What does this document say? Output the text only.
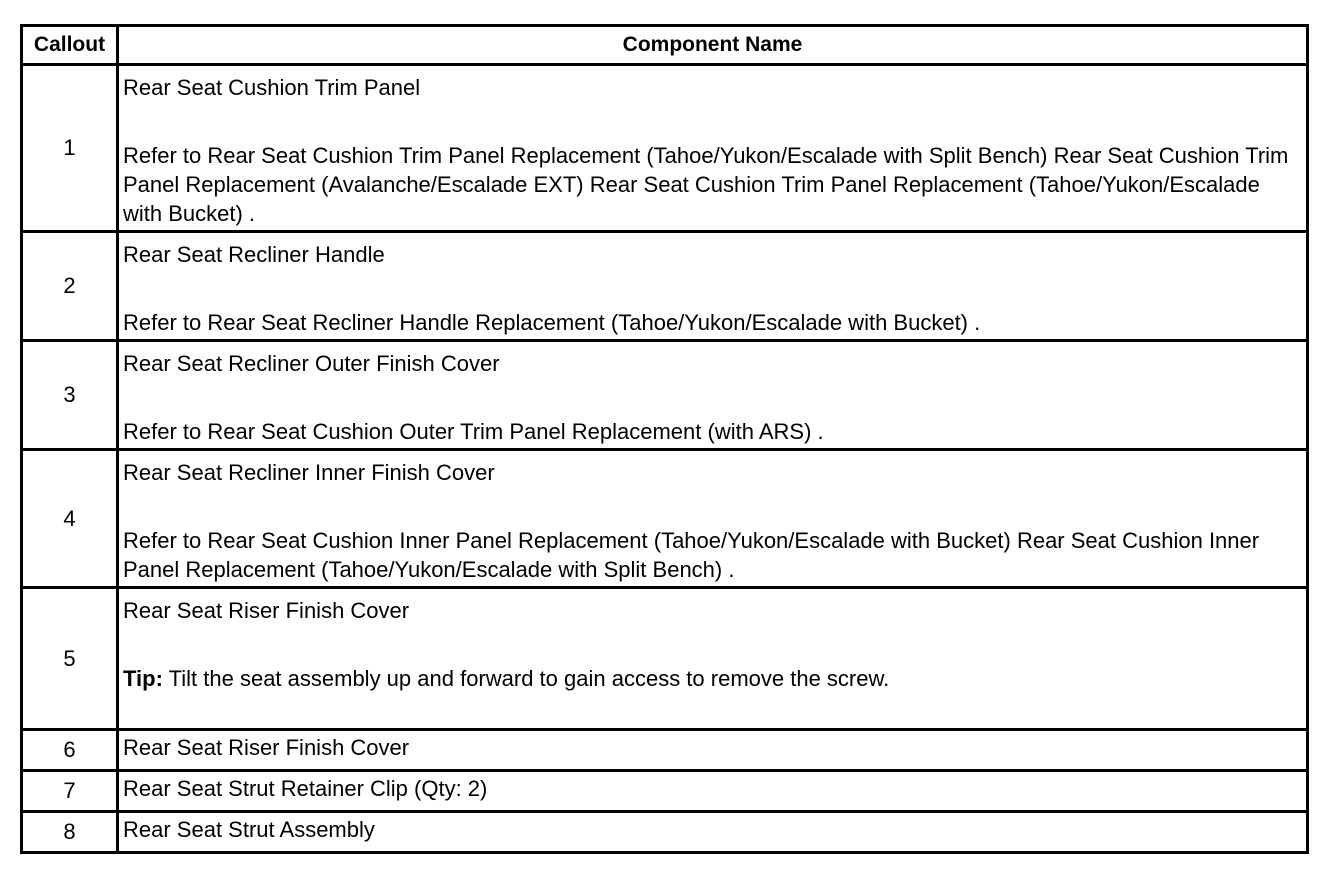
Callout	Component Name
1	Rear Seat Cushion Trim Panel
Refer to Rear Seat Cushion Trim Panel Replacement (Tahoe/Yukon/Escalade with Split Bench) Rear Seat Cushion Trim Panel Replacement (Avalanche/Escalade EXT) Rear Seat Cushion Trim Panel Replacement (Tahoe/Yukon/Escalade with Bucket) .

2	Rear Seat Recliner Handle
Refer to Rear Seat Recliner Handle Replacement (Tahoe/Yukon/Escalade with Bucket) .

3	Rear Seat Recliner Outer Finish Cover
Refer to Rear Seat Cushion Outer Trim Panel Replacement (with ARS) .

4	Rear Seat Recliner Inner Finish Cover
Refer to Rear Seat Cushion Inner Panel Replacement (Tahoe/Yukon/Escalade with Bucket) Rear Seat Cushion Inner Panel Replacement (Tahoe/Yukon/Escalade with Split Bench) .

5	Rear Seat Riser Finish Cover
Tip: Tilt the seat assembly up and forward to gain access to remove the screw.

6	Rear Seat Riser Finish Cover
7	Rear Seat Strut Retainer Clip (Qty: 2)
8	Rear Seat Strut Assembly
